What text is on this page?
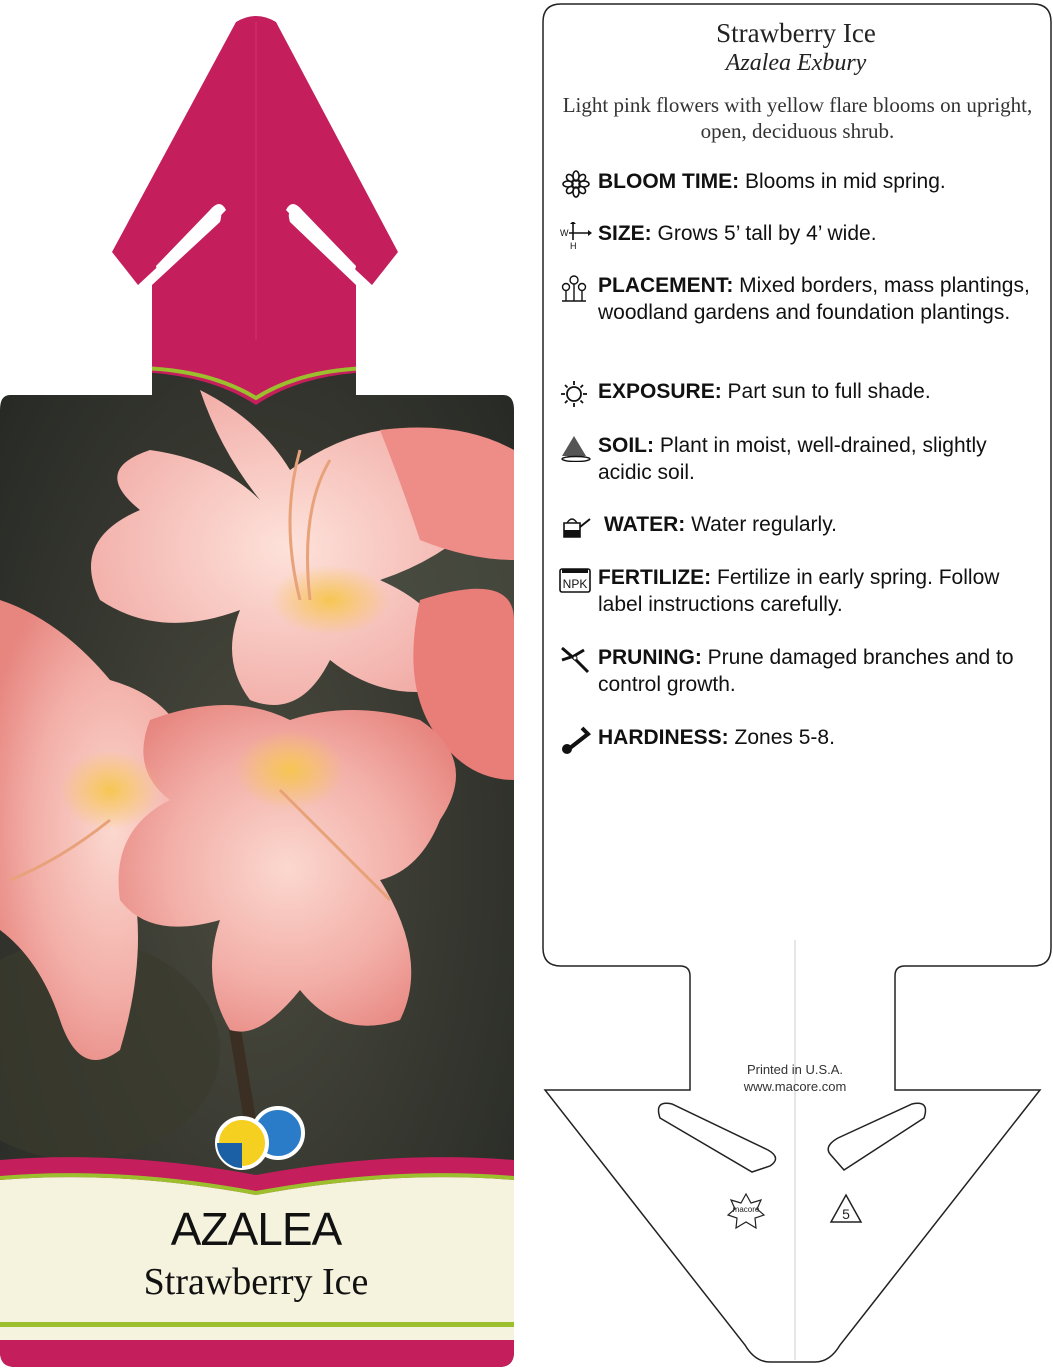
macore	5
AZALEA
Strawberry Ice
Strawberry Ice
Azalea Exbury
Light pink flowers with yellow flare blooms on upright, open, deciduous shrub.
BLOOM TIME: Blooms in mid spring.
W
H
SIZE: Grows 5’ tall by 4’ wide.
PLACEMENT: Mixed borders, mass plantings, woodland gardens and foundation plantings.
EXPOSURE: Part sun to full shade.
SOIL: Plant in moist, well-drained, slightly acidic soil.
WATER: Water regularly.
NPK FERTILIZE: Fertilize in early spring. Follow label instructions carefully.
PRUNING: Prune damaged branches and to control growth.
HARDINESS: Zones 5-8.
Printed in U.S.A.
www.macore.com
